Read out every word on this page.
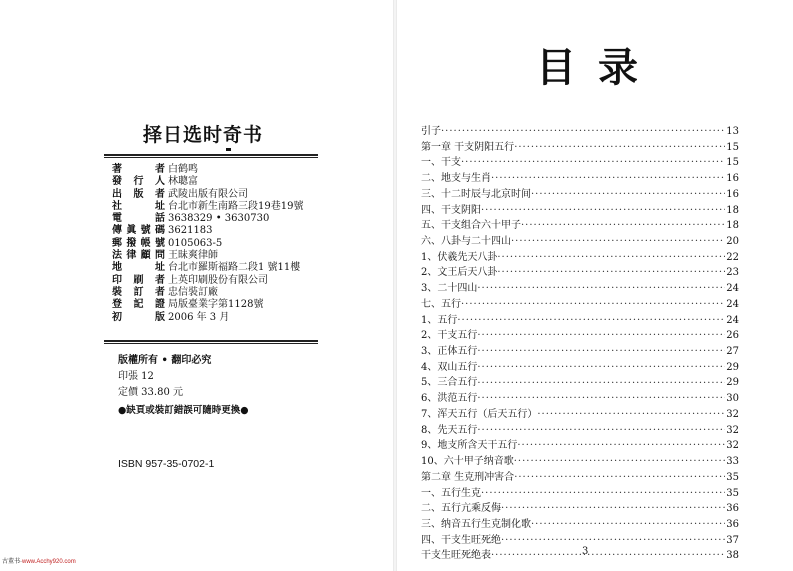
择日选时奇书
著者 白鹤鸣
發行人 林聰富
出版者 武陵出版有限公司
社址 台北市新生南路三段19巷19號
電話 3638329 • 3630730
傳眞號碼 3621183
郵撥帳號 0105063-5
法律顧問 王昧爽律師
地址 台北市羅斯福路二段1 號11樓
印刷者 上英印刷股份有限公司
裝訂者 忠信裝訂廠
登記證 局版臺業字第1128號
初版 2006 年 3 月
版權所有 • 翻印必究
印張 12
定價 33.80 元
●缺頁或裝訂錯誤可隨時更換●
ISBN 957-35-0702-1
古董书·www.Acchy920.com
目录
引子 ·····	13
第一章 干支阴阳五行 ·····	15
一、干支 ·····	15
二、地支与生肖 ·····	16
三、十二时辰与北京时间 ·····	16
四、干支阴阳 ·····	18
五、干支组合六十甲子 ·····	18
六、八卦与二十四山 ·····	20
1、伏羲先天八卦 ·····	22
2、文王后天八卦 ·····	23
3、二十四山 ·····	24
七、五行 ·····	24
1、五行 ·····	24
2、干支五行 ·····	26
3、正体五行 ·····	27
4、双山五行 ·····	29
5、三合五行 ·····	29
6、洪范五行 ·····	30
7、浑天五行（后天五行） ·····	32
8、先天五行 ·····	32
9、地支所含天干五行 ·····	32
10、六十甲子纳音歌 ·····	33
第二章 生克刑冲害合 ·····	35
一、五行生克 ·····	35
二、五行亢乘反侮 ·····	36
三、纳音五行生克制化歌 ·····	36
四、干支生旺死绝 ·····	37
干支生旺死绝表 ·····	38
3
